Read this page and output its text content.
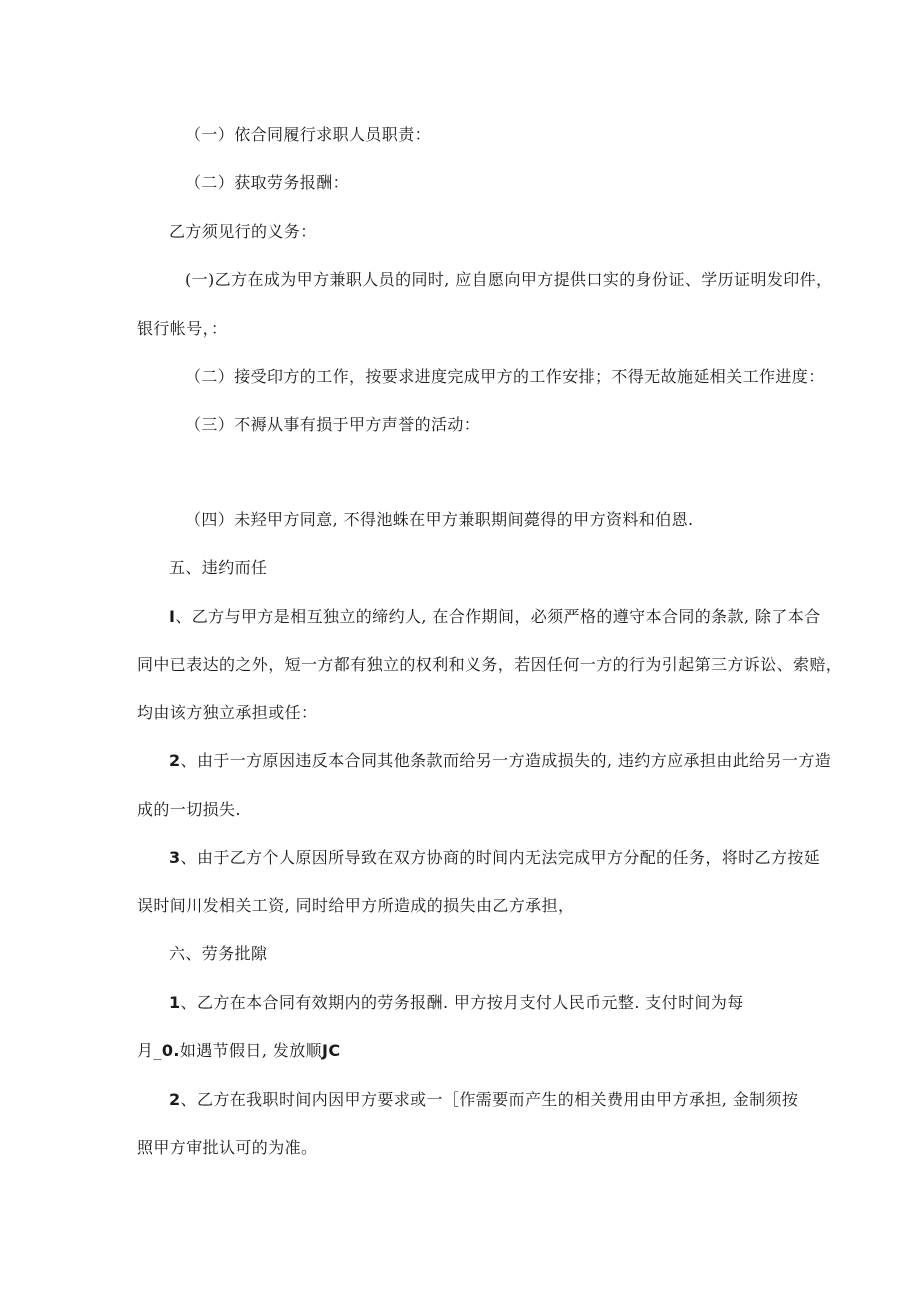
（一）依合同履行求职人员职责：
（二）获取劳务报酬：
乙方须见行的义务：
(一)乙方在成为甲方兼职人员的同时, 应自愿向甲方提供口实的身份证、学历证明发印件，
银行帐号，：
（二）接受印方的工作，按要求进度完成甲方的工作安排；不得无故施延相关工作进度：
（三）不褥从事有损于甲方声誉的活动：
（四）未羟甲方同意, 不得池蛛在甲方兼职期间薨得的甲方资料和伯恩.
五、违约而任
I、乙方与甲方是相互独立的缔约人, 在合作期间，必须严格的遵守本合同的条款, 除了本合
同中已表达的之外，短一方都有独立的权利和义务，若因任何一方的行为引起第三方诉讼、索赔，
均由该方独立承担或任：
2、由于一方原因违反本合同其他条款而给另一方造成损失的, 违约方应承担由此给另一方造
成的一切损失.
3、由于乙方个人原因所导致在双方协商的时间内无法完成甲方分配的任务，将时乙方按延
误时间川发相关工资, 同时给甲方所造成的损失由乙方承担，
六、劳务批隙
1、乙方在本合同有效期内的劳务报酬. 甲方按月支付人民币元整. 支付时间为每
月_0.如遇节假日, 发放顺JC
2、乙方在我职时间内因甲方要求或一［作需要而产生的相关费用由甲方承担, 金制须按
照甲方审批认可的为准。
